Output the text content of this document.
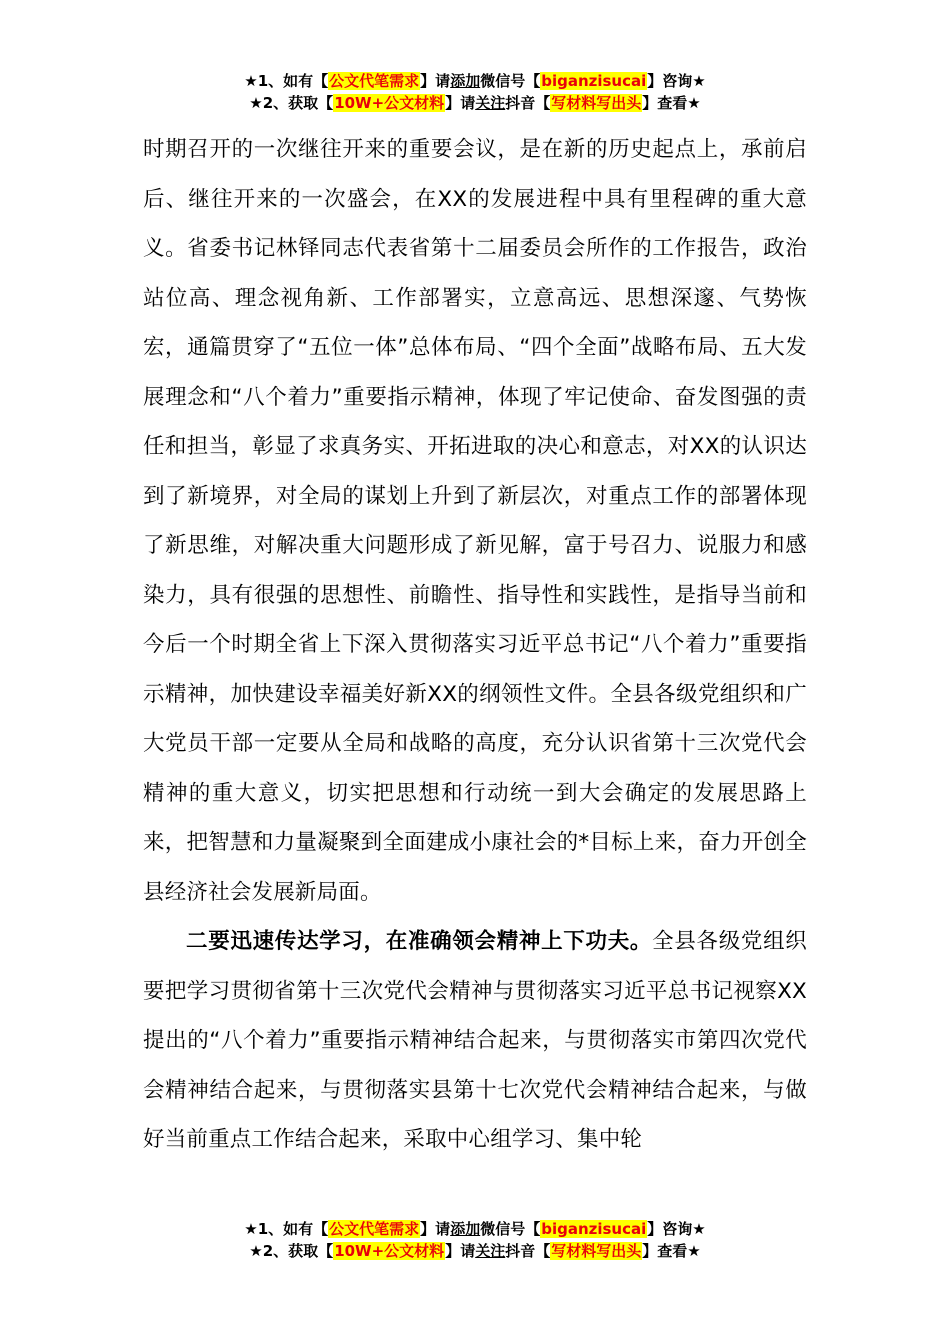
★1、如有【公文代笔需求】请添加微信号【biganzisucai】咨询★
★2、获取【10W+公文材料】请关注抖音【写材料写出头】查看★

时期召开的一次继往开来的重要会议，是在新的历史起点上，承前启后、继往开来的一次盛会，在XX的发展进程中具有里程碑的重大意义。省委书记林铎同志代表省第十二届委员会所作的工作报告，政治站位高、理念视角新、工作部署实，立意高远、思想深邃、气势恢宏，通篇贯穿了“五位一体”总体布局、“四个全面”战略布局、五大发展理念和“八个着力”重要指示精神，体现了牢记使命、奋发图强的责任和担当，彰显了求真务实、开拓进取的决心和意志，对XX的认识达到了新境界，对全局的谋划上升到了新层次，对重点工作的部署体现了新思维，对解决重大问题形成了新见解，富于号召力、说服力和感染力，具有很强的思想性、前瞻性、指导性和实践性，是指导当前和今后一个时期全省上下深入贯彻落实习近平总书记“八个着力”重要指示精神，加快建设幸福美好新XX的纲领性文件。全县各级党组织和广大党员干部一定要从全局和战略的高度，充分认识省第十三次党代会精神的重大意义，切实把思想和行动统一到大会确定的发展思路上来，把智慧和力量凝聚到全面建成小康社会的*目标上来，奋力开创全县经济社会发展新局面。

二要迅速传达学习，在准确领会精神上下功夫。全县各级党组织要把学习贯彻省第十三次党代会精神与贯彻落实习近平总书记视察XX提出的“八个着力”重要指示精神结合起来，与贯彻落实市第四次党代会精神结合起来，与贯彻落实县第十七次党代会精神结合起来，与做好当前重点工作结合起来，采取中心组学习、集中轮

★1、如有【公文代笔需求】请添加微信号【biganzisucai】咨询★
★2、获取【10W+公文材料】请关注抖音【写材料写出头】查看★
